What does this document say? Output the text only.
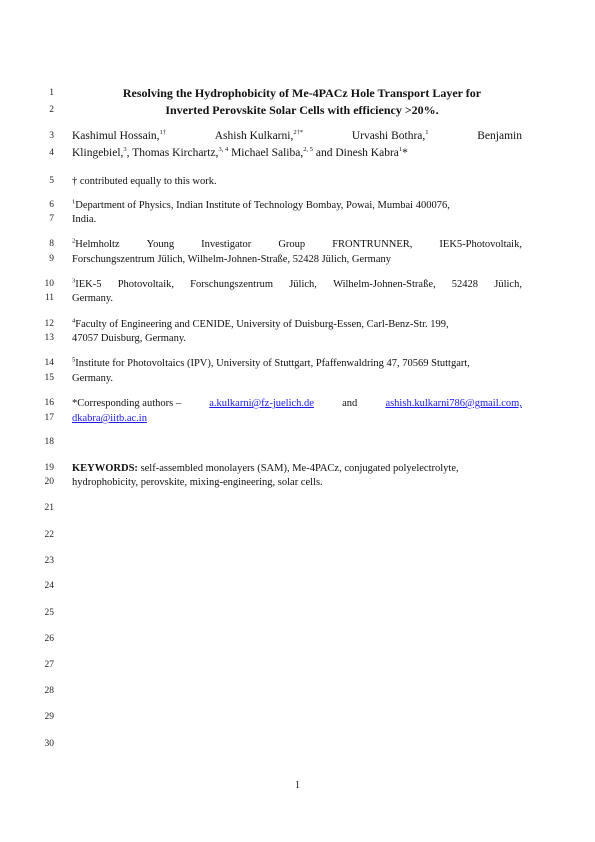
1
2
3
4
5
6
7
8
9
10
11
12
13
14
15
16
17
18
19
20
21
22
23
24
25
26
27
28
29
30
Resolving the Hydrophobicity of Me-4PACz Hole Transport Layer for
Inverted Perovskite Solar Cells with efficiency >20%.
Kashimul Hossain,$^{1\dagger}$	Ashish Kulkarni,$^{2\dagger*}$	Urvashi Bothra,$^1$	Benjamin
Klingebiel,$^3$, Thomas Kirchartz,$^{3, 4}$ Michael Saliba,$^{2, 5}$ and Dinesh Kabra$^1$*
† contributed equally to this work.
$^1$Department of Physics, Indian Institute of Technology Bombay, Powai, Mumbai 400076,
India.
$^2$Helmholtz	Young	Investigator	Group	FRONTRUNNER,	IEK5-Photovoltaik,
Forschungszentrum Jülich, Wilhelm-Johnen-Straße, 52428 Jülich, Germany
$^3$IEK-5 Photovoltaik, Forschungszentrum Jülich, Wilhelm-Johnen-Straße, 52428 Jülich,
Germany.
$^4$Faculty of Engineering and CENIDE, University of Duisburg-Essen, Carl-Benz-Str. 199,
47057 Duisburg, Germany.
$^5$Institute for Photovoltaics (IPV), University of Stuttgart, Pfaffenwaldring 47, 70569 Stuttgart,
Germany.
*Corresponding authors –	a.kulkarni@fz-juelich.de	and	ashish.kulkarni786@gmail.com,
dkabra@iitb.ac.in
KEYWORDS: self-assembled monolayers (SAM), Me-4PACz, conjugated polyelectrolyte,
hydrophobicity, perovskite, mixing-engineering, solar cells.
1
